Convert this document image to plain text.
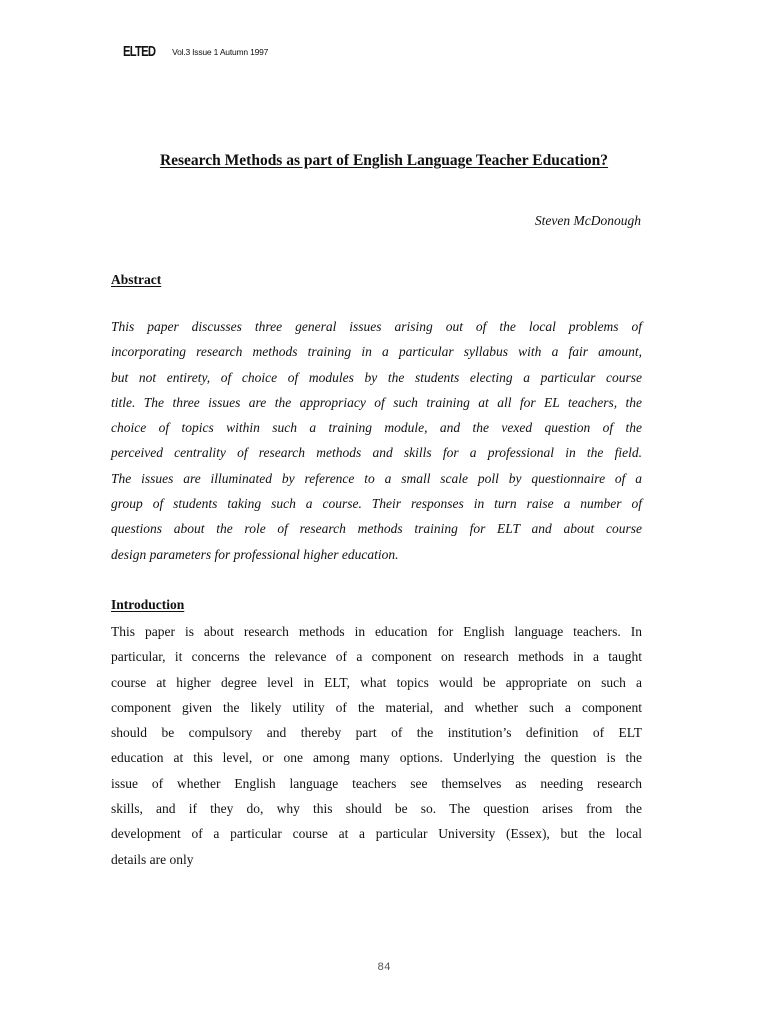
ELTED Vol.3 Issue 1 Autumn 1997
Research Methods as part of English Language Teacher Education?
Steven McDonough
Abstract

This paper discusses three general issues arising out of the local problems of
incorporating research methods training in a particular syllabus with a fair amount,
but not entirety, of choice of modules by the students electing a particular course
title. The three issues are the appropriacy of such training at all for EL teachers, the
choice of topics within such a training module, and the vexed question of the
perceived centrality of research methods and skills for a professional in the field.
The issues are illuminated by reference to a small scale poll by questionnaire of a
group of students taking such a course. Their responses in turn raise a number of
questions about the role of research methods training for ELT and about course
design parameters for professional higher education.

Introduction

This paper is about research methods in education for English language teachers. In
particular, it concerns the relevance of a component on research methods in a taught
course at higher degree level in ELT, what topics would be appropriate on such a
component given the likely utility of the material, and whether such a component
should be compulsory and thereby part of the institution’s definition of ELT
education at this level, or one among many options. Underlying the question is the
issue of whether English language teachers see themselves as needing research
skills, and if they do, why this should be so. The question arises from the
development of a particular course at a particular University (Essex), but the local
details are only

84
